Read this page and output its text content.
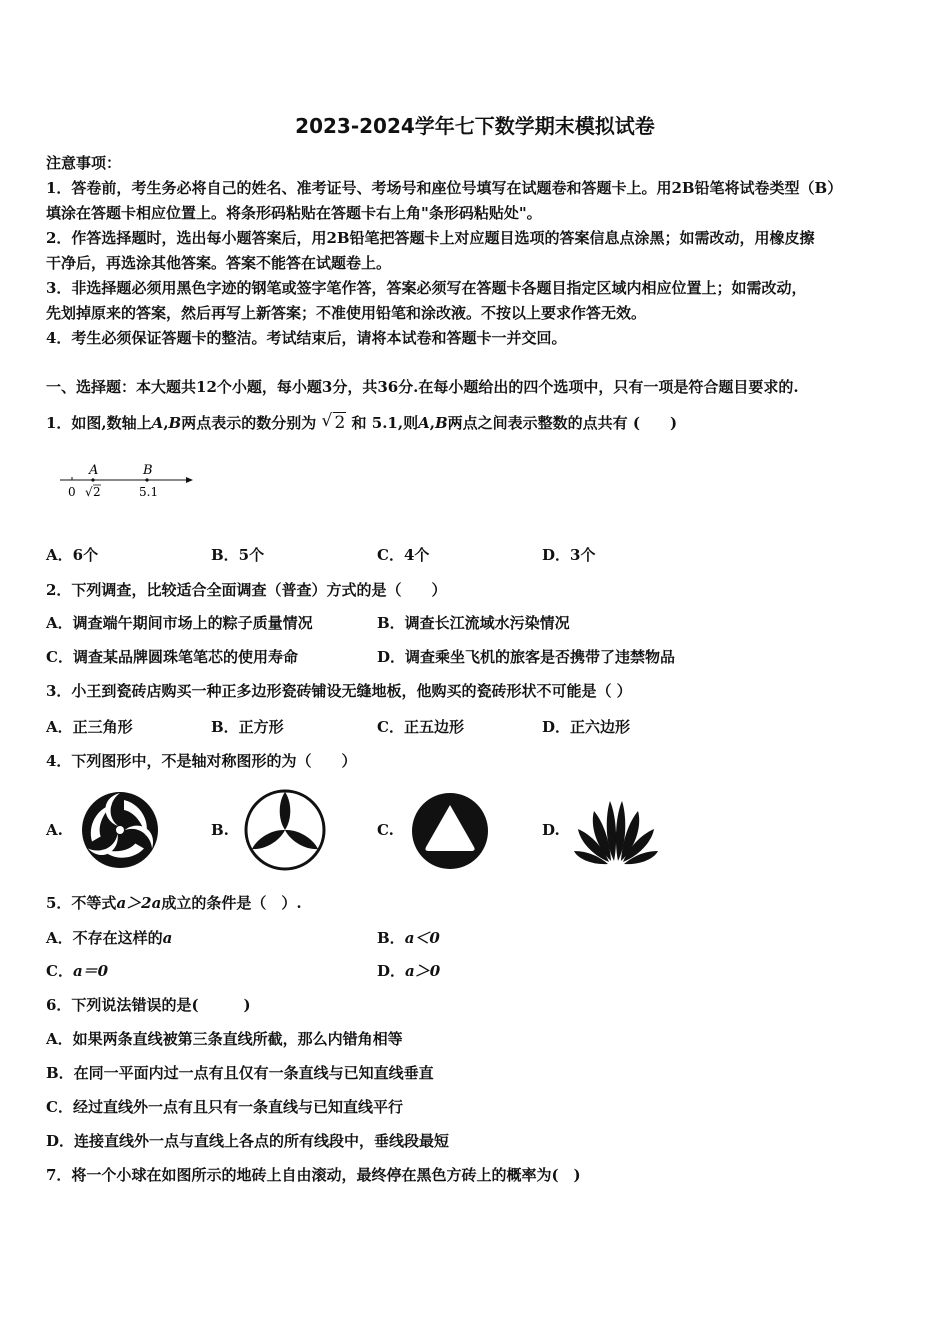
2023-2024学年七下数学期末模拟试卷
注意事项：
1．答卷前，考生务必将自己的姓名、准考证号、考场号和座位号填写在试题卷和答题卡上。用2B铅笔将试卷类型（B）
填涂在答题卡相应位置上。将条形码粘贴在答题卡右上角"条形码粘贴处"。
2．作答选择题时，选出每小题答案后，用2B铅笔把答题卡上对应题目选项的答案信息点涂黑；如需改动，用橡皮擦
干净后，再选涂其他答案。答案不能答在试题卷上。
3．非选择题必须用黑色字迹的钢笔或签字笔作答，答案必须写在答题卡各题目指定区域内相应位置上；如需改动，
先划掉原来的答案，然后再写上新答案；不准使用铅笔和涂改液。不按以上要求作答无效。
4．考生必须保证答题卡的整洁。考试结束后，请将本试卷和答题卡一并交回。
一、选择题：本大题共12个小题，每小题3分，共36分.在每小题给出的四个选项中，只有一项是符合题目要求的.
1．如图,数轴上A,B两点表示的数分别为 √ 2 和 5.1,则A,B两点之间表示整数的点共有 (　　)
A	B
0 √ 2	5.1
A．6个	B．5个	C．4个	D．3个
2．下列调查，比较适合全面调查（普查）方式的是（　　）
A．调查端午期间市场上的粽子质量情况	B．调查长江流域水污染情况
C．调查某品牌圆珠笔笔芯的使用寿命	D．调查乘坐飞机的旅客是否携带了违禁物品
3．小王到瓷砖店购买一种正多边形瓷砖铺设无缝地板，他购买的瓷砖形状不可能是（ ）
A．正三角形	B．正方形	C．正五边形	D．正六边形
4．下列图形中，不是轴对称图形的为（　　）
A.	B.	C.	D.
5．不等式a＞2a成立的条件是（　）.
A．不存在这样的a	B．a＜0
C．a＝0	D．a＞0
6．下列说法错误的是(　　　)
A．如果两条直线被第三条直线所截，那么内错角相等
B．在同一平面内过一点有且仅有一条直线与已知直线垂直
C．经过直线外一点有且只有一条直线与已知直线平行
D．连接直线外一点与直线上各点的所有线段中，垂线段最短
7．将一个小球在如图所示的地砖上自由滚动，最终停在黑色方砖上的概率为(　)
